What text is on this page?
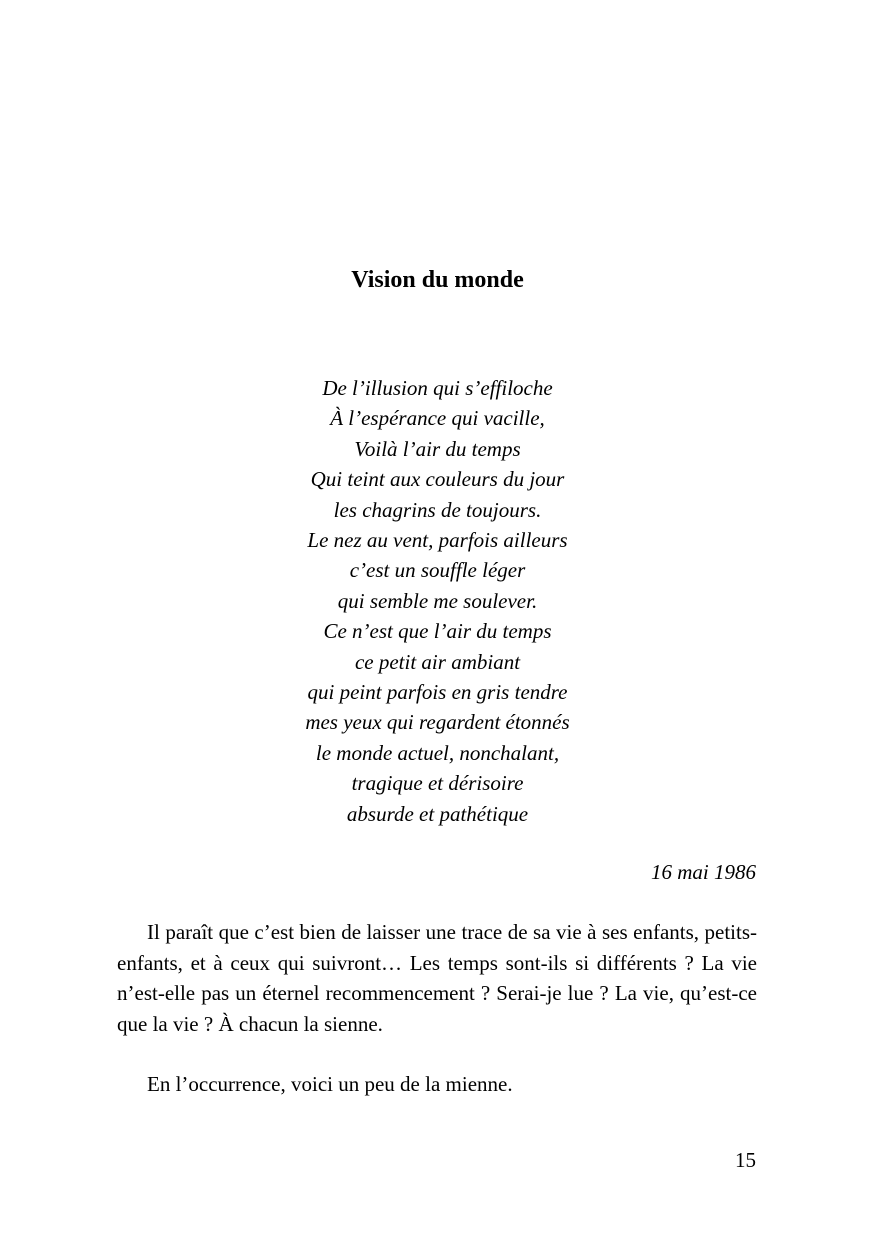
Vision du monde
De l’illusion qui s’effiloche
À l’espérance qui vacille,
Voilà l’air du temps
Qui teint aux couleurs du jour
les chagrins de toujours.
Le nez au vent, parfois ailleurs
c’est un souffle léger
qui semble me soulever.
Ce n’est que l’air du temps
ce petit air ambiant
qui peint parfois en gris tendre
mes yeux qui regardent étonnés
le monde actuel, nonchalant,
tragique et dérisoire
absurde et pathétique
16 mai 1986

Il paraît que c’est bien de laisser une trace de sa vie à ses enfants, petits-enfants, et à ceux qui suivront… Les temps sont-ils si différents ? La vie n’est-elle pas un éternel recommencement ? Serai-je lue ? La vie, qu’est-ce que la vie ? À chacun la sienne.

En l’occurrence, voici un peu de la mienne.

15
